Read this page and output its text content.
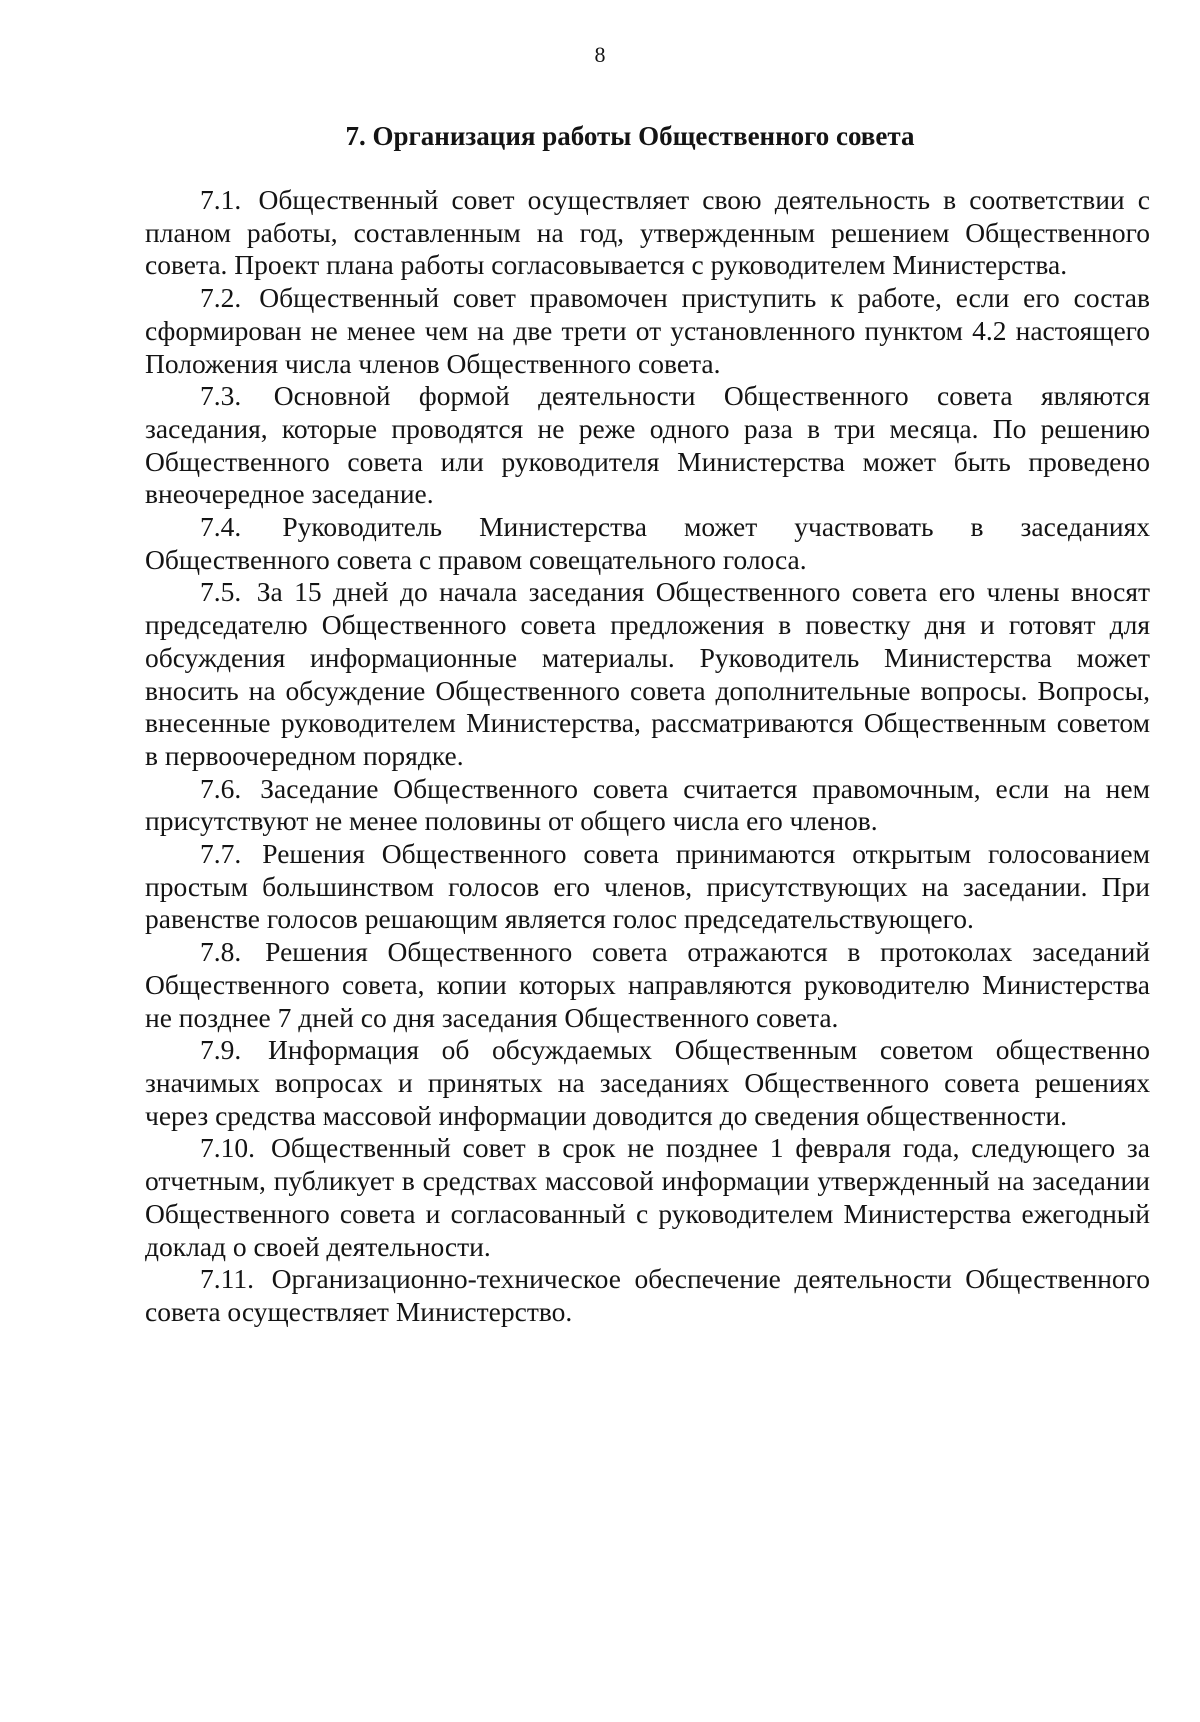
8
7. Организация работы Общественного совета

7.1. Общественный совет осуществляет свою деятельность в соответствии с планом работы, составленным на год, утвержденным решением Общественного совета. Проект плана работы согласовывается с руководителем Министерства.

7.2. Общественный совет правомочен приступить к работе, если его состав сформирован не менее чем на две трети от установленного пунктом 4.2 настоящего Положения числа членов Общественного совета.

7.3. Основной формой деятельности Общественного совета являются заседания, которые проводятся не реже одного раза в три месяца. По решению Общественного совета или руководителя Министерства может быть проведено внеочередное заседание.

7.4. Руководитель Министерства может участвовать в заседаниях Общественного совета с правом совещательного голоса.

7.5. За 15 дней до начала заседания Общественного совета его члены вносят председателю Общественного совета предложения в повестку дня и готовят для обсуждения информационные материалы. Руководитель Министерства может вносить на обсуждение Общественного совета дополнительные вопросы. Вопросы, внесенные руководителем Министерства, рассматриваются Общественным советом в первоочередном порядке.

7.6. Заседание Общественного совета считается правомочным, если на нем присутствуют не менее половины от общего числа его членов.

7.7. Решения Общественного совета принимаются открытым голосованием простым большинством голосов его членов, присутствующих на заседании. При равенстве голосов решающим является голос председательствующего.

7.8. Решения Общественного совета отражаются в протоколах заседаний Общественного совета, копии которых направляются руководителю Министерства не позднее 7 дней со дня заседания Общественного совета.

7.9. Информация об обсуждаемых Общественным советом общественно значимых вопросах и принятых на заседаниях Общественного совета решениях через средства массовой информации доводится до сведения общественности.

7.10. Общественный совет в срок не позднее 1 февраля года, следующего за отчетным, публикует в средствах массовой информации утвержденный на заседании Общественного совета и согласованный с руководителем Министерства ежегодный доклад о своей деятельности.

7.11. Организационно-техническое обеспечение деятельности Общественного совета осуществляет Министерство.
